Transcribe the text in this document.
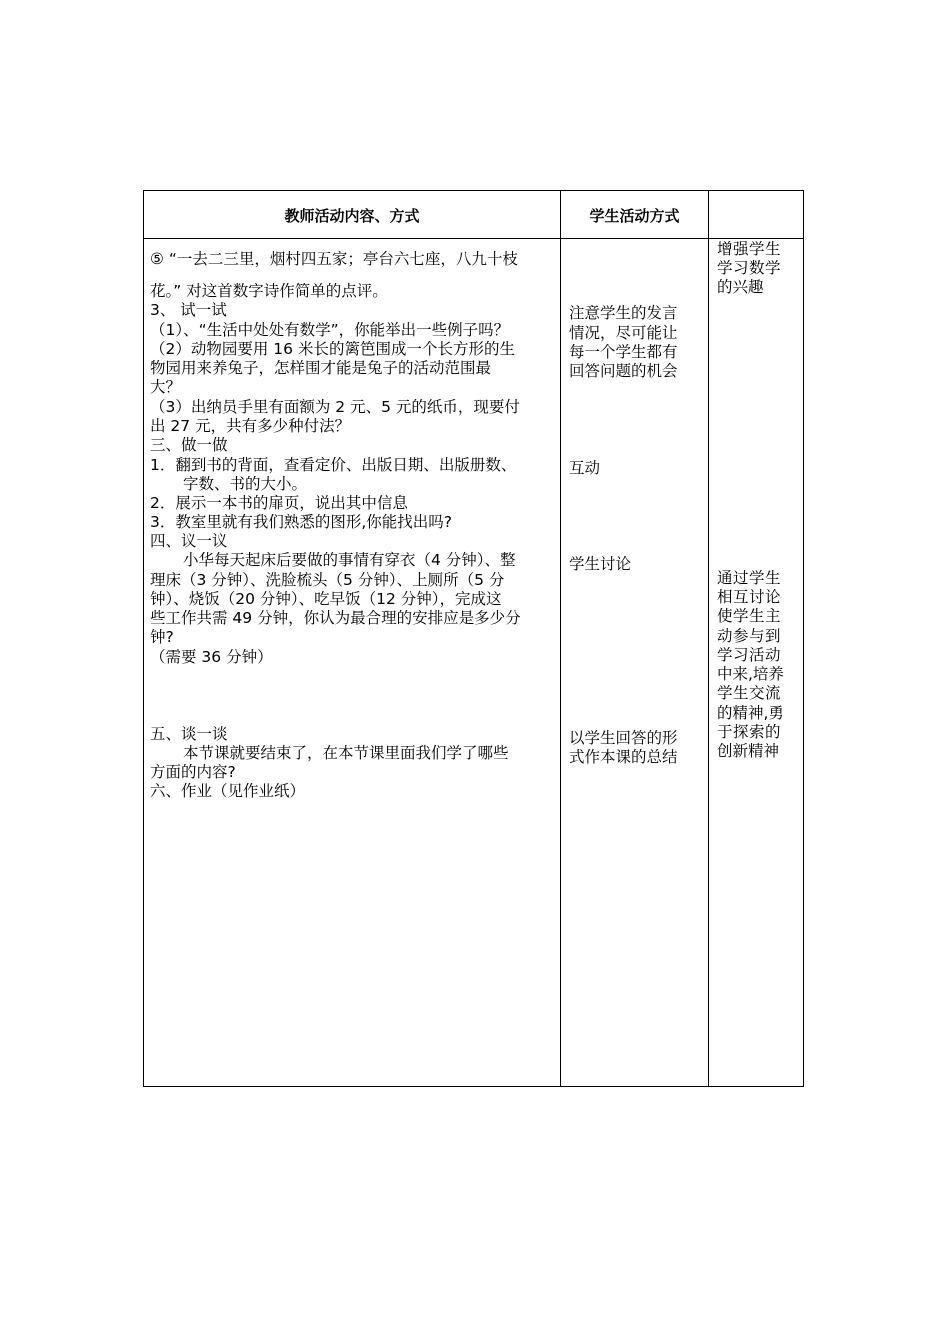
教师活动内容、方式	学生活动方式
⑤ “一去二三里，烟村四五家；亭台六七座，八九十枝
花。” 对这首数字诗作简单的点评。
3、 试一试
（1）、“生活中处处有数学”，你能举出一些例子吗？
（2）动物园要用 16 米长的篱笆围成一个长方形的生
物园用来养兔子，怎样围才能是兔子的活动范围最
大？
（3）出纳员手里有面额为 2 元、5 元的纸币，现要付
出 27 元，共有多少种付法？
三、做一做
1．翻到书的背面，查看定价、出版日期、出版册数、
字数、书的大小。
2．展示一本书的扉页，说出其中信息
3．教室里就有我们熟悉的图形,你能找出吗?
四、议一议
小华每天起床后要做的事情有穿衣（4 分钟）、整
理床（3 分钟）、洗脸梳头（5 分钟）、上厕所（5 分
钟）、烧饭（20 分钟）、吃早饭（12 分钟），完成这
些工作共需 49 分钟，你认为最合理的安排应是多少分
钟?
（需要 36 分钟）
五、谈一谈
本节课就要结束了，在本节课里面我们学了哪些
方面的内容?
六、作业（见作业纸）
注意学生的发言
情况，尽可能让
每一个学生都有
回答问题的机会
互动
学生讨论
以学生回答的形
式作本课的总结
增强学生
学习数学
的兴趣
通过学生
相互讨论
使学生主
动参与到
学习活动
中来,培养
学生交流
的精神,勇
于探索的
创新精神
